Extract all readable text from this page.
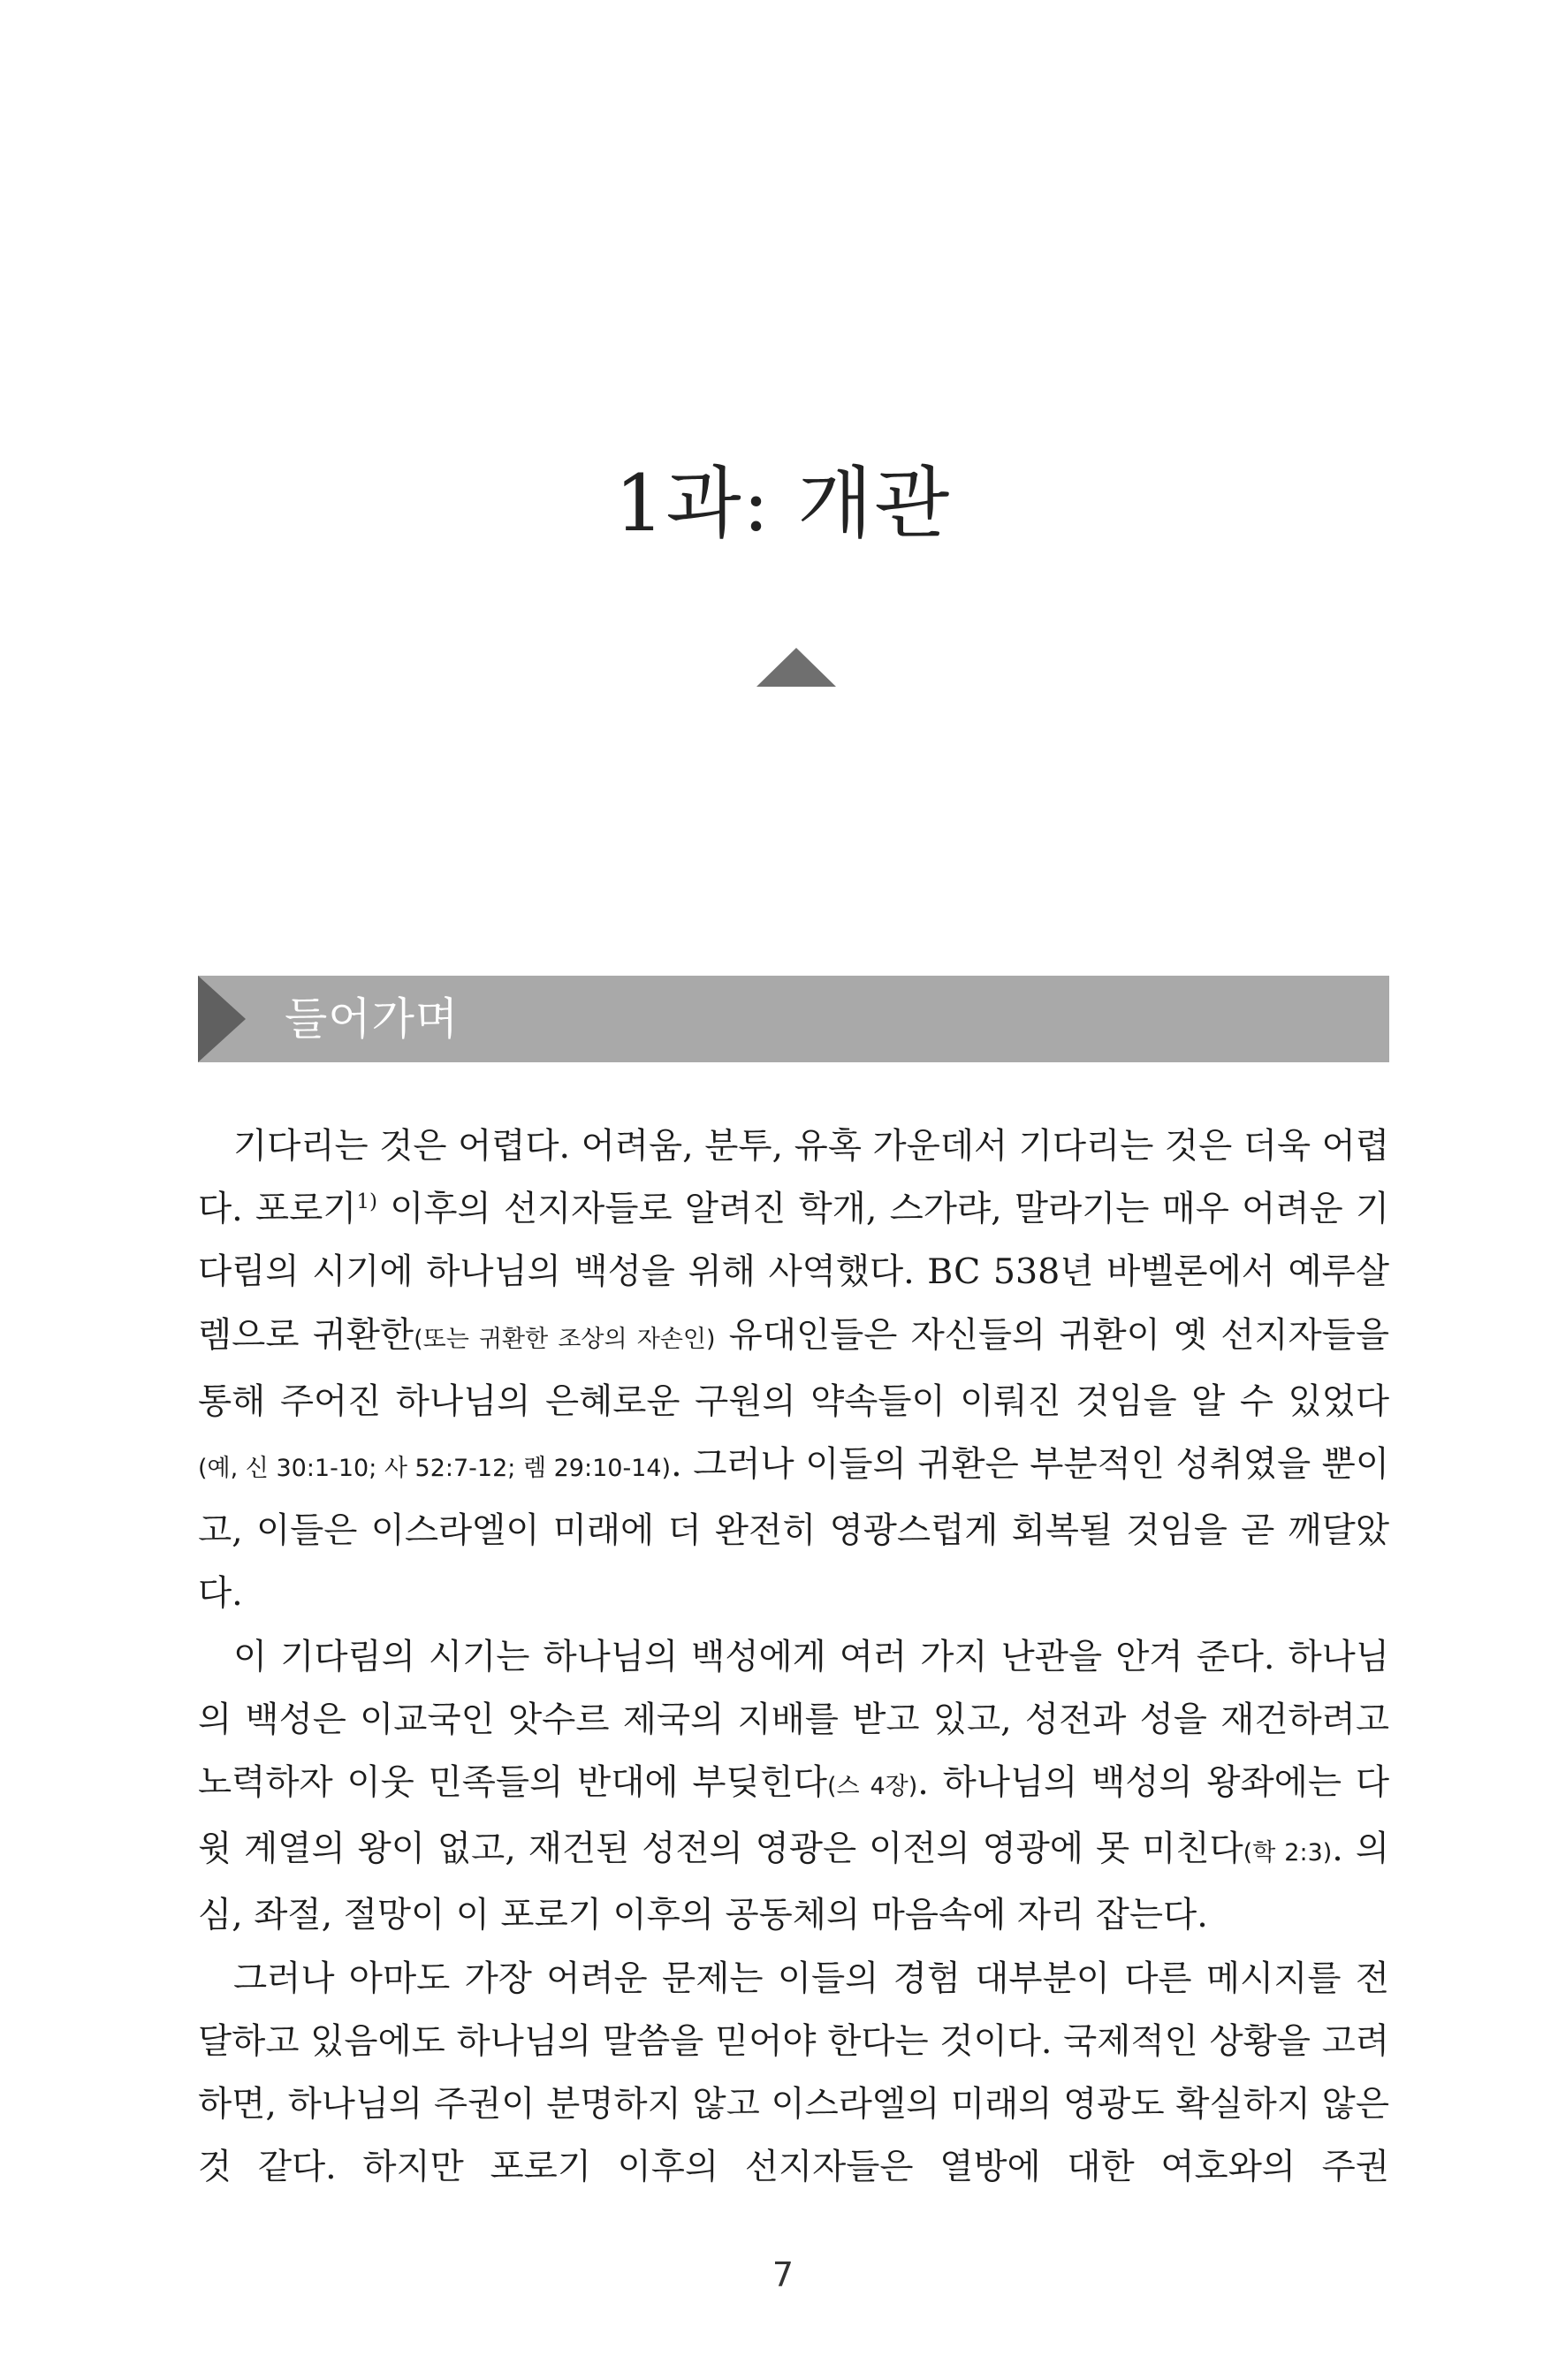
1과: 개관
들어가며

기다리는 것은 어렵다. 어려움, 분투, 유혹 가운데서 기다리는 것은 더욱 어렵다. 포로기$^{1)}$ 이후의 선지자들로 알려진 학개, 스가랴, 말라기는 매우 어려운 기다림의 시기에 하나님의 백성을 위해 사역했다. BC 538년 바벨론에서 예루살렘으로 귀환한(또는 귀환한 조상의 자손인) 유대인들은 자신들의 귀환이 옛 선지자들을 통해 주어진 하나님의 은혜로운 구원의 약속들이 이뤄진 것임을 알 수 있었다(예, 신 30:1-10; 사 52:7-12; 렘 29:10-14). 그러나 이들의 귀환은 부분적인 성취였을 뿐이고, 이들은 이스라엘이 미래에 더 완전히 영광스럽게 회복될 것임을 곧 깨달았다.

이 기다림의 시기는 하나님의 백성에게 여러 가지 난관을 안겨 준다. 하나님의 백성은 이교국인 앗수르 제국의 지배를 받고 있고, 성전과 성을 재건하려고 노력하자 이웃 민족들의 반대에 부딪힌다(스 4장). 하나님의 백성의 왕좌에는 다윗 계열의 왕이 없고, 재건된 성전의 영광은 이전의 영광에 못 미친다(학 2:3). 의심, 좌절, 절망이 이 포로기 이후의 공동체의 마음속에 자리 잡는다.

그러나 아마도 가장 어려운 문제는 이들의 경험 대부분이 다른 메시지를 전달하고 있음에도 하나님의 말씀을 믿어야 한다는 것이다. 국제적인 상황을 고려하면, 하나님의 주권이 분명하지 않고 이스라엘의 미래의 영광도 확실하지 않은 것 같다. 하지만 포로기 이후의 선지자들은 열방에 대한 여호와의 주권

7
